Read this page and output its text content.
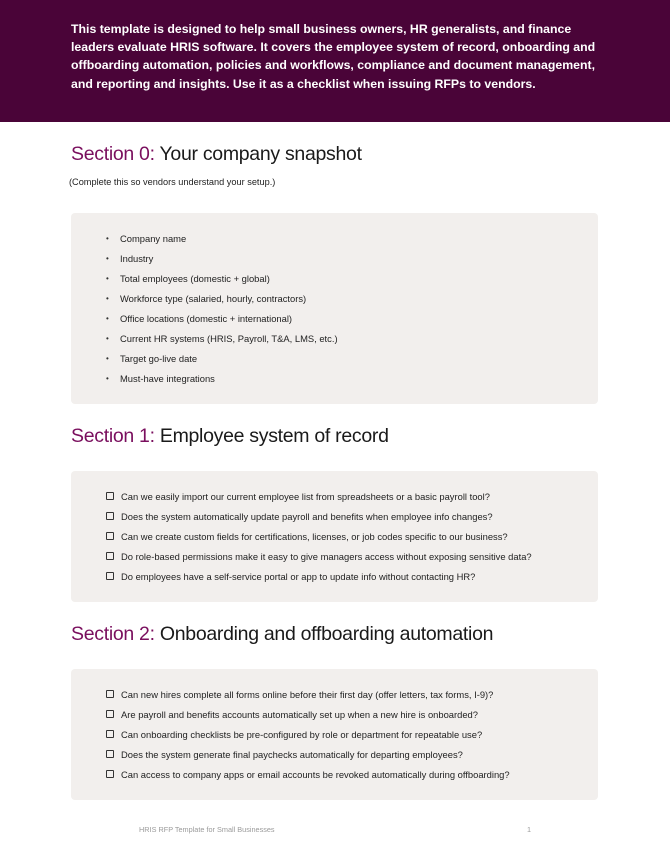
This template is designed to help small business owners, HR generalists, and finance leaders evaluate HRIS software. It covers the employee system of record, onboarding and offboarding automation, policies and workflows, compliance and document management, and reporting and insights. Use it as a checklist when issuing RFPs to vendors.

Section 0: Your company snapshot

(Complete this so vendors understand your setup.)

•	Company name
•	Industry
•	Total employees (domestic + global)
•	Workforce type (salaried, hourly, contractors)
•	Office locations (domestic + international)
•	Current HR systems (HRIS, Payroll, T&A, LMS, etc.)
•	Target go-live date
•	Must-have integrations
Section 1: Employee system of record
Can we easily import our current employee list from spreadsheets or a basic payroll tool?
Does the system automatically update payroll and benefits when employee info changes?
Can we create custom fields for certifications, licenses, or job codes specific to our business?
Do role-based permissions make it easy to give managers access without exposing sensitive data?
Do employees have a self-service portal or app to update info without contacting HR?
Section 2: Onboarding and offboarding automation
Can new hires complete all forms online before their first day (offer letters, tax forms, I-9)?
Are payroll and benefits accounts automatically set up when a new hire is onboarded?
Can onboarding checklists be pre-configured by role or department for repeatable use?
Does the system generate final paychecks automatically for departing employees?
Can access to company apps or email accounts be revoked automatically during offboarding?
HRIS RFP Template for Small Businesses	1
